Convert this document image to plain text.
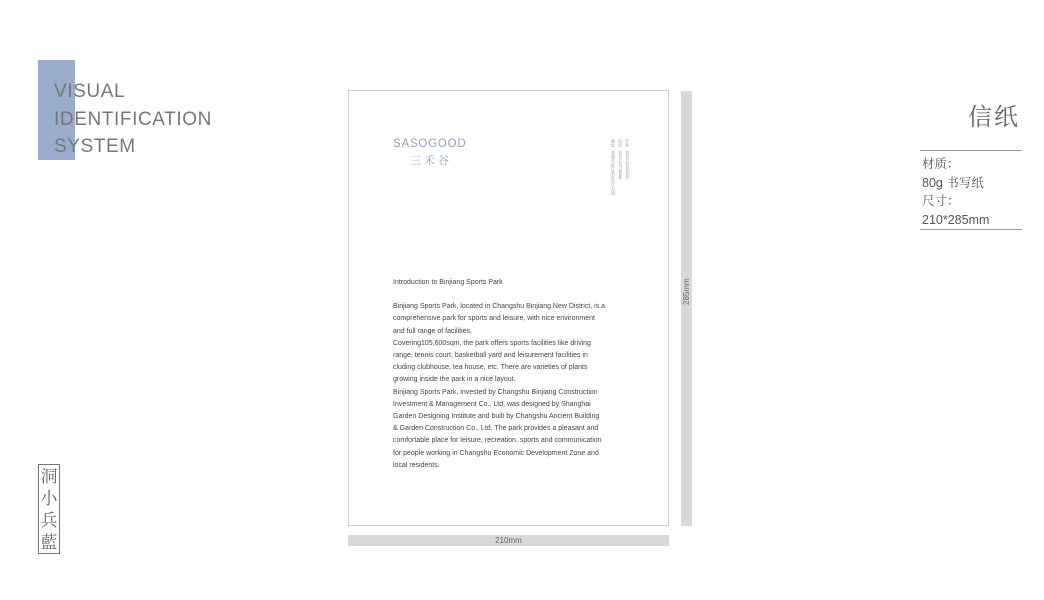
VISUAL
IDENTIFICATION
SYSTEM
洞
小
兵
藍
SASOGOOD
三禾谷	地址：常熟市滨江新区沿江大道 电话：0512-52778888 传真：0512-52318432
Introduction to Binjiang Sports Park
Binjiang Sports Park, located in Changshu Binjiang New District, is a
comprehensive park for sports and leisure, with nice environment
and full range of facilities.
Covering105,600sqm, the park offers sports facilities like driving
range, tennis court, basketball yard and leisurement facilities in
cluding clubhouse, tea house, etc. There are varieties of plants
growing inside the park in a nice layout.
Binjiang Sports Park, invested by Changshu Binjiang Construction
Investment & Management Co., Ltd, was designed by Shanghai
Garden Designing Institute and built by Changshu Ancient Building
& Garden Construction Co., Ltd. The park provides a pleasant and
comfortable place for leisure, recreation, sports and communication
for people working in Changshu Economic Development Zone and
local residents.
285mm
210mm
信纸
材质：
80g 书写纸
尺寸：
210*285mm
